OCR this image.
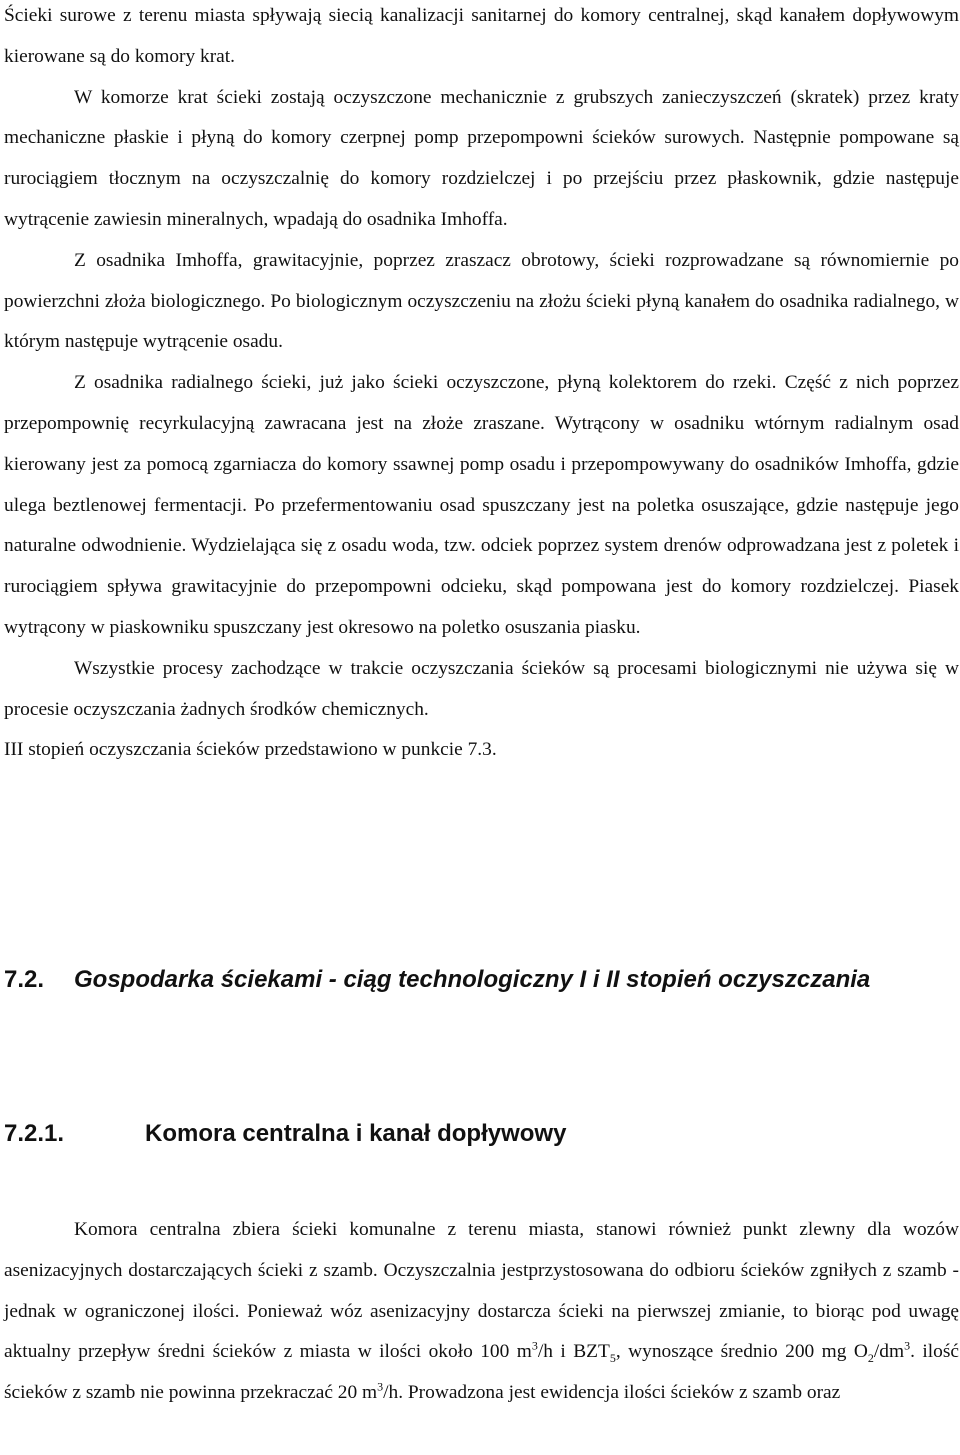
Ścieki surowe z terenu miasta spływają siecią kanalizacji sanitarnej do komory centralnej, skąd kanałem dopływowym kierowane są do komory krat.

W komorze krat ścieki zostają oczyszczone mechanicznie z grubszych zanieczyszczeń (skratek) przez kraty mechaniczne płaskie i płyną do komory czerpnej pomp przepompowni ścieków surowych. Następnie pompowane są rurociągiem tłocznym na oczyszczalnię do komory rozdzielczej i po przejściu przez płaskownik, gdzie następuje wytrącenie zawiesin mineralnych, wpadają do osadnika Imhoffa.

Z osadnika Imhoffa, grawitacyjnie, poprzez zraszacz obrotowy, ścieki rozprowadzane są równomiernie po powierzchni złoża biologicznego. Po biologicznym oczyszczeniu na złożu ścieki płyną kanałem do osadnika radialnego, w którym następuje wytrącenie osadu.

Z osadnika radialnego ścieki, już jako ścieki oczyszczone, płyną kolektorem do rzeki. Część z nich poprzez przepompownię recyrkulacyjną zawracana jest na złoże zraszane. Wytrącony w osadniku wtórnym radialnym osad kierowany jest za pomocą zgarniacza do komory ssawnej pomp osadu i przepompowywany do osadników Imhoffa, gdzie ulega beztlenowej fermentacji. Po przefermentowaniu osad spuszczany jest na poletka osuszające, gdzie następuje jego naturalne odwodnienie. Wydzielająca się z osadu woda, tzw. odciek poprzez system drenów odprowadzana jest z poletek i rurociągiem spływa grawitacyjnie do przepompowni odcieku, skąd pompowana jest do komory rozdzielczej. Piasek wytrącony w piaskowniku spuszczany jest okresowo na poletko osuszania piasku.

Wszystkie procesy zachodzące w trakcie oczyszczania ścieków są procesami biologicznymi nie używa się w procesie oczyszczania żadnych środków chemicznych.

III stopień oczyszczania ścieków przedstawiono w punkcie 7.3.

7.2. Gospodarka ściekami - ciąg technologiczny I i II stopień oczyszczania
7.2.1.	Komora centralna i kanał dopływowy

Komora centralna zbiera ścieki komunalne z terenu miasta, stanowi również punkt zlewny dla wozów asenizacyjnych dostarczających ścieki z szamb. Oczyszczalnia jestprzystosowana do odbioru ścieków zgniłych z szamb - jednak w ograniczonej ilości. Ponieważ wóz asenizacyjny dostarcza ścieki na pierwszej zmianie, to biorąc pod uwagę aktualny przepływ średni ścieków z miasta w ilości około 100 $m^3/h$ i $BZT_5$, wynoszące średnio 200 mg $O_2/dm^3$. ilość ścieków z szamb nie powinna przekraczać 20 $m^3/h$. Prowadzona jest ewidencja ilości ścieków z szamb oraz
